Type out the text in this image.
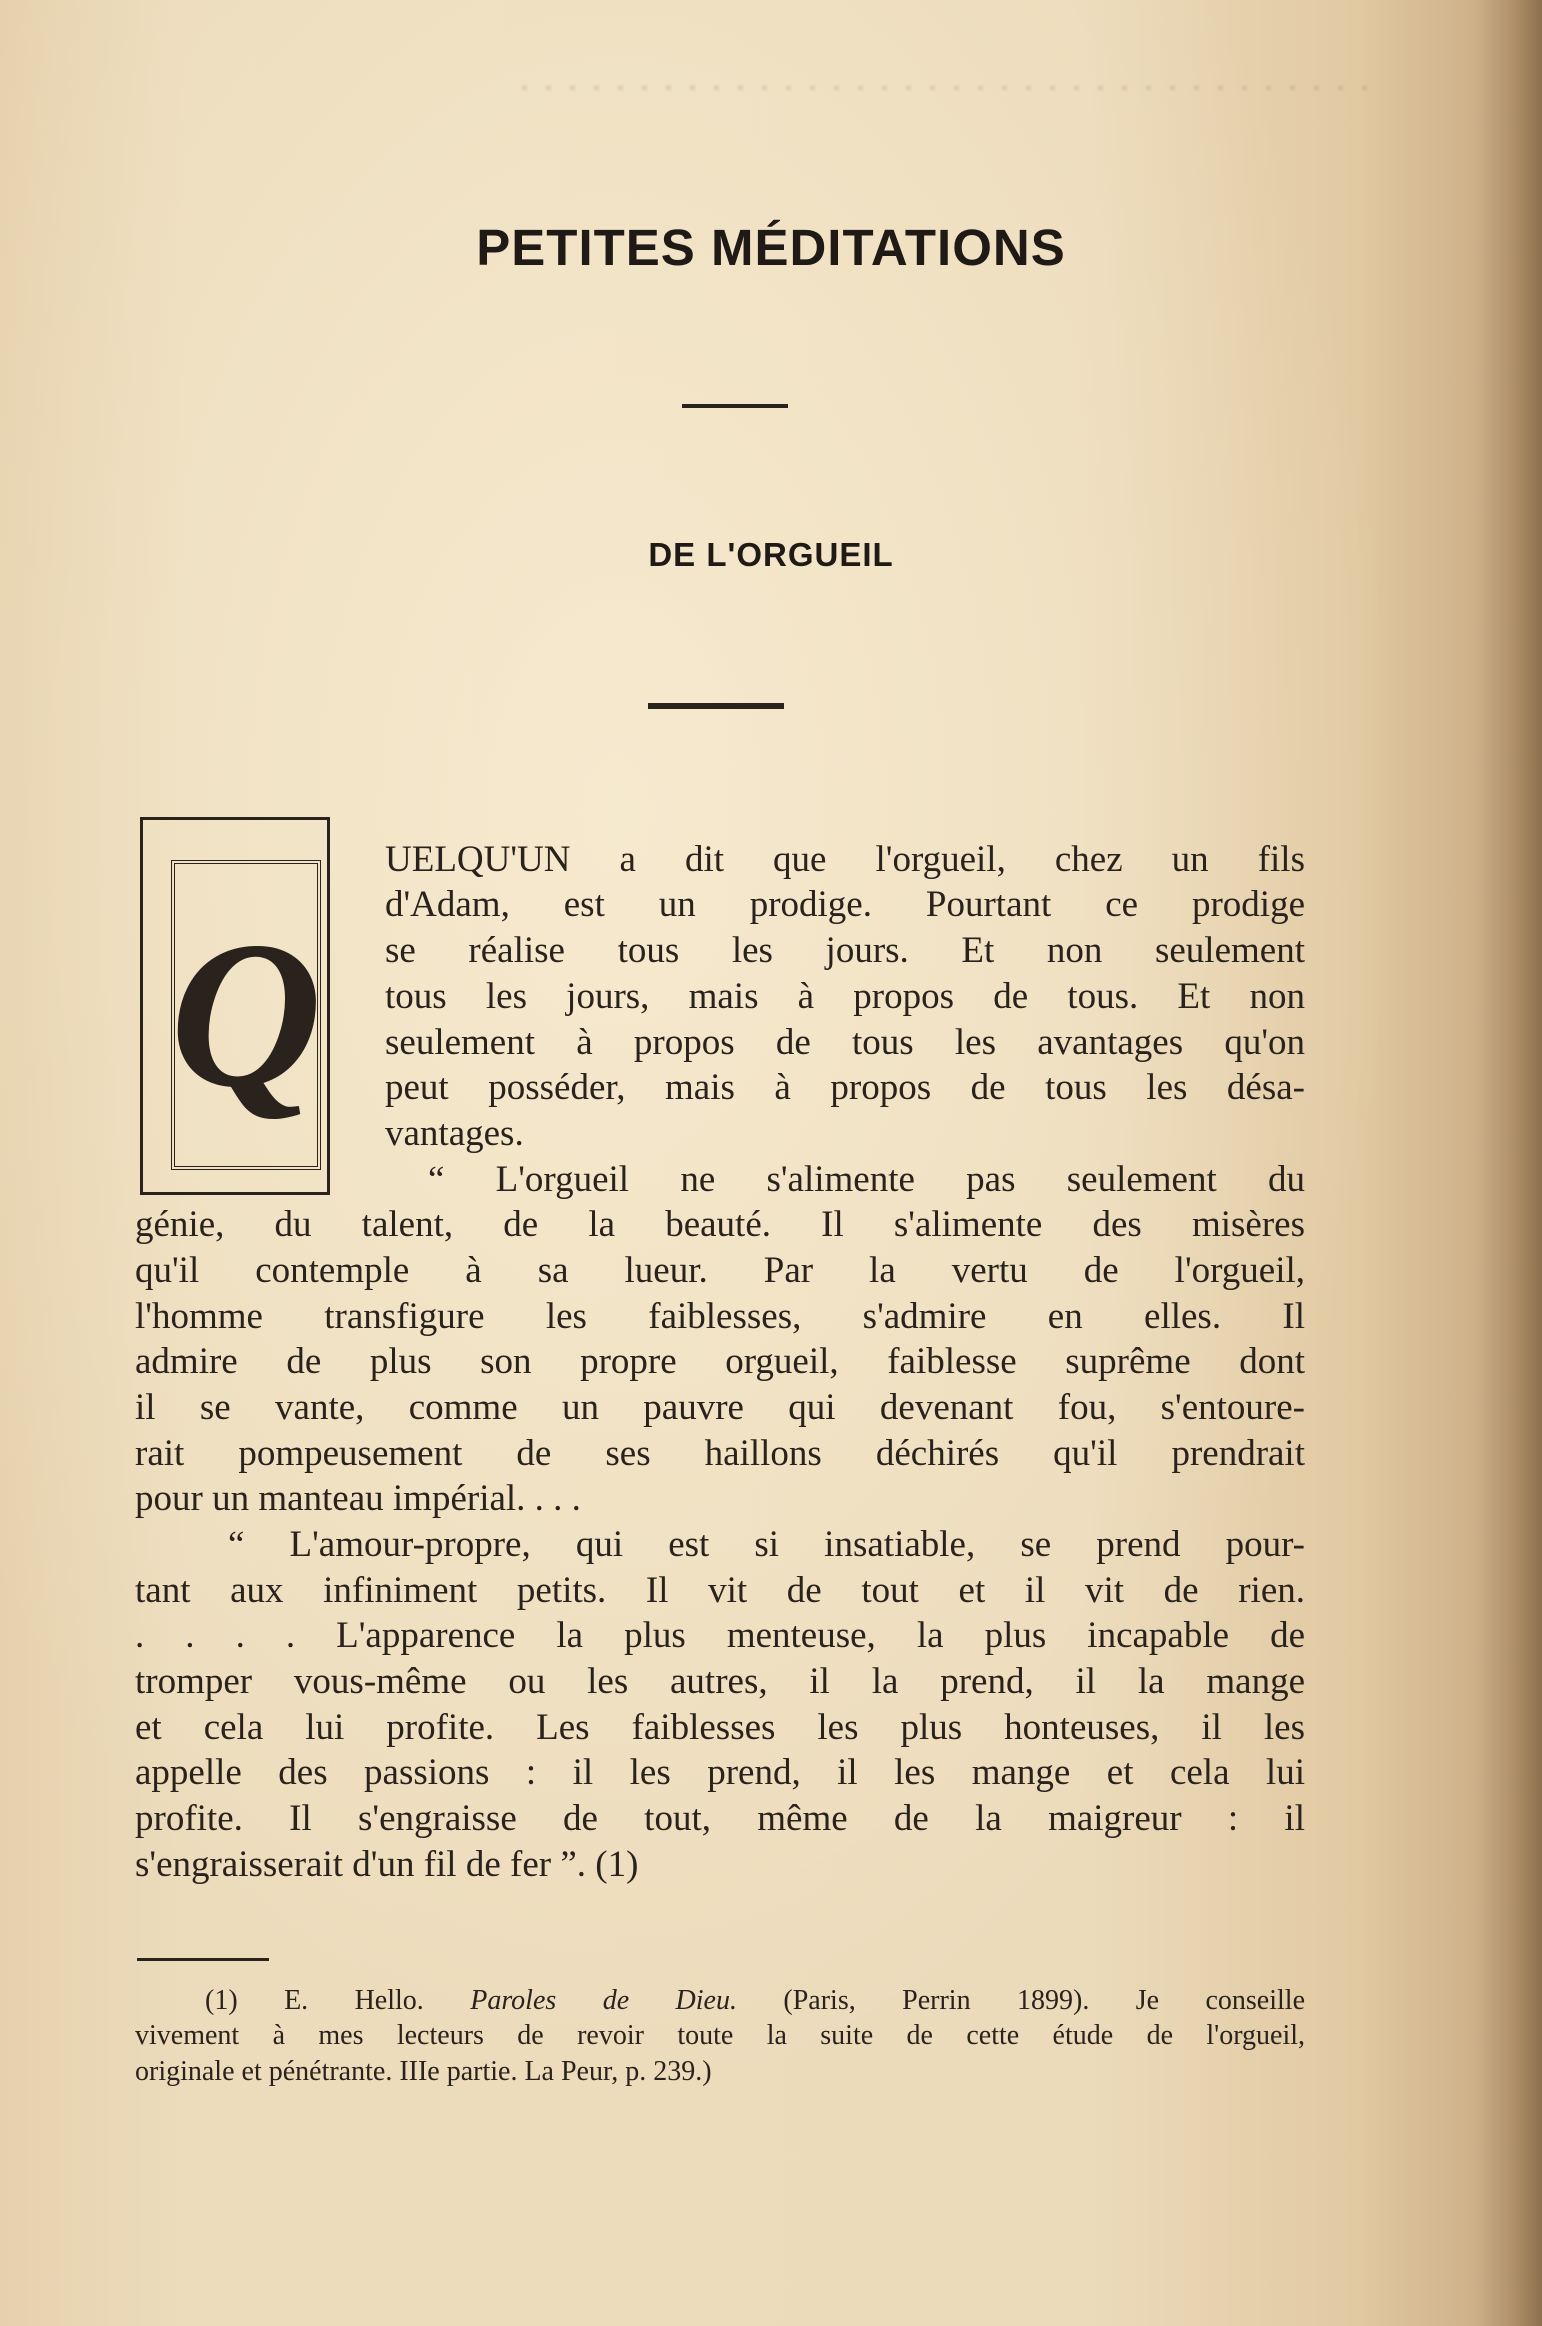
. . . . . . . . . . . . . . . . . . . . . . . . . . . . . . . . . . . .

PETITES MÉDITATIONS
DE L'ORGUEIL
Q
UELQU'UN a dit que l'orgueil, chez un fils
d'Adam, est un prodige. Pourtant ce prodige
se réalise tous les jours. Et non seulement
tous les jours, mais à propos de tous. Et non
seulement à propos de tous les avantages qu'on
peut posséder, mais à propos de tous les désa-
vantages.
“ L'orgueil ne s'alimente pas seulement du
génie, du talent, de la beauté. Il s'alimente des misères
qu'il contemple à sa lueur. Par la vertu de l'orgueil,
l'homme transfigure les faiblesses, s'admire en elles. Il
admire de plus son propre orgueil, faiblesse suprême dont
il se vante, comme un pauvre qui devenant fou, s'entoure-
rait pompeusement de ses haillons déchirés qu'il prendrait
pour un manteau impérial. . . .
“ L'amour-propre, qui est si insatiable, se prend pour-
tant aux infiniment petits. Il vit de tout et il vit de rien.
. . . . L'apparence la plus menteuse, la plus incapable de
tromper vous-même ou les autres, il la prend, il la mange
et cela lui profite. Les faiblesses les plus honteuses, il les
appelle des passions : il les prend, il les mange et cela lui
profite. Il s'engraisse de tout, même de la maigreur : il
s'engraisserait d'un fil de fer ”. (1)
(1) E. Hello. Paroles de Dieu. (Paris, Perrin 1899). Je conseille
vivement à mes lecteurs de revoir toute la suite de cette étude de l'orgueil,
originale et pénétrante. IIIe partie. La Peur, p. 239.)
